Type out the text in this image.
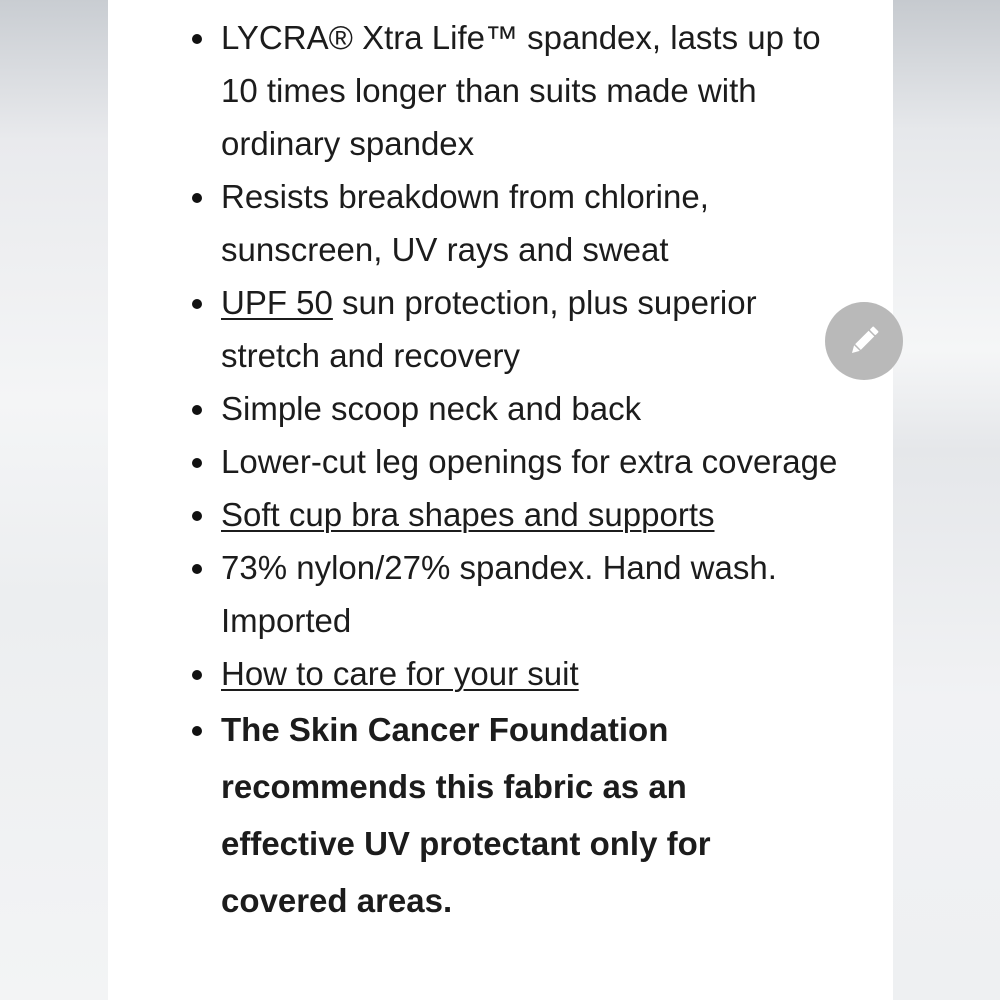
LYCRA® Xtra Life™ spandex, lasts up to 10 times longer than suits made with ordinary spandex
Resists breakdown from chlorine, sunscreen, UV rays and sweat
UPF 50 sun protection, plus superior stretch and recovery
Simple scoop neck and back
Lower-cut leg openings for extra coverage
Soft cup bra shapes and supports
73% nylon/27% spandex. Hand wash. Imported
How to care for your suit
The Skin Cancer Foundation recommends this fabric as an effective UV protectant only for covered areas.
